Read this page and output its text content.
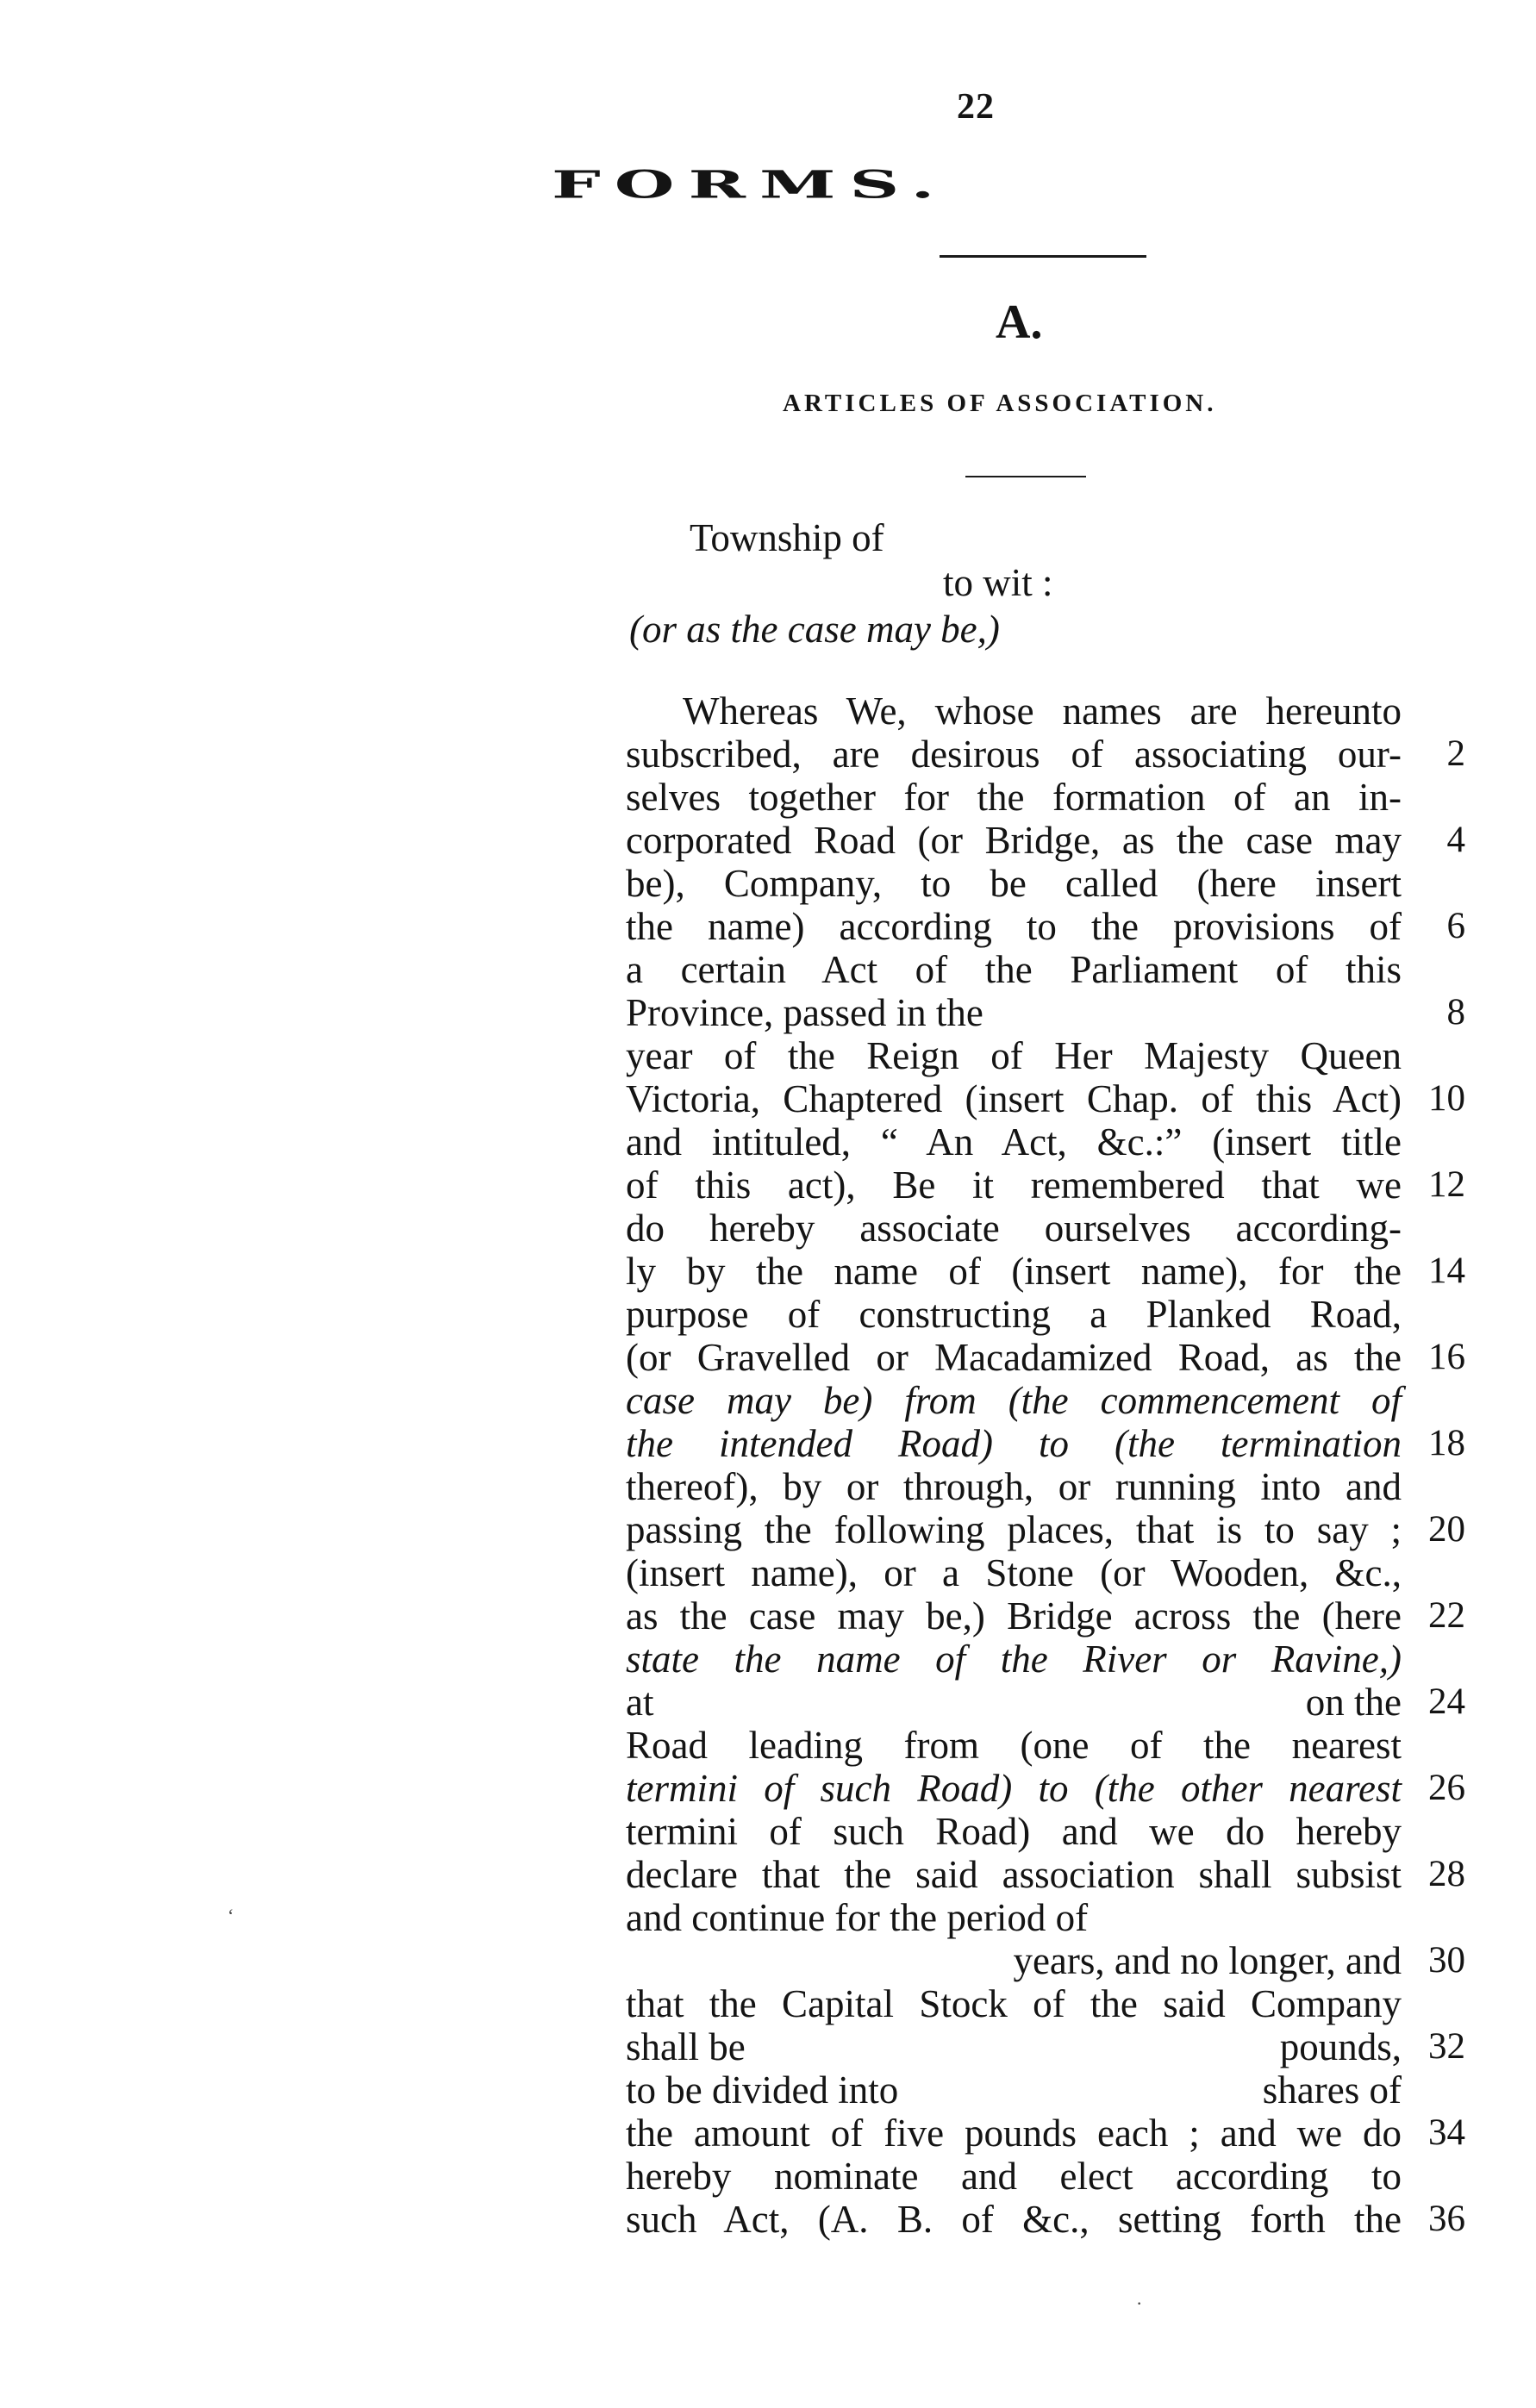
22
FORMS.
A.
ARTICLES OF ASSOCIATION.
Township of
to wit :
(or as the case may be,)
Whereas We, whose names are hereunto
subscribed, are desirous of associating our-
selves together for the formation of an in-
corporated Road (or Bridge, as the case may
be), Company, to be called (here insert
the name) according to the provisions of
a certain Act of the Parliament of this
Province, passed in the
year of the Reign of Her Majesty Queen
Victoria, Chaptered (insert Chap. of this Act)
and intituled, “ An Act, &c.:” (insert title
of this act), Be it remembered that we
do hereby associate ourselves according-
ly by the name of (insert name), for the
purpose of constructing a Planked Road,
(or Gravelled or Macadamized Road, as the
case may be) from (the commencement of
the intended Road) to (the termination
thereof), by or through, or running into and
passing the following places, that is to say ;
(insert name), or a Stone (or Wooden, &c.,
as the case may be,) Bridge across the (here
state the name of the River or Ravine,)
at	on the
Road leading from (one of the nearest
termini of such Road) to (the other nearest
termini of such Road) and we do hereby
declare that the said association shall subsist
and continue for the period of
years, and no longer, and
that the Capital Stock of the said Company
shall be	pounds,
to be divided into	shares of
the amount of five pounds each ; and we do
hereby nominate and elect according to
such Act, (A. B. of &c., setting forth the
2
4
6
8
10
12
14
16
18
20
22
24
26
28
30
32
34
36
‘
·
